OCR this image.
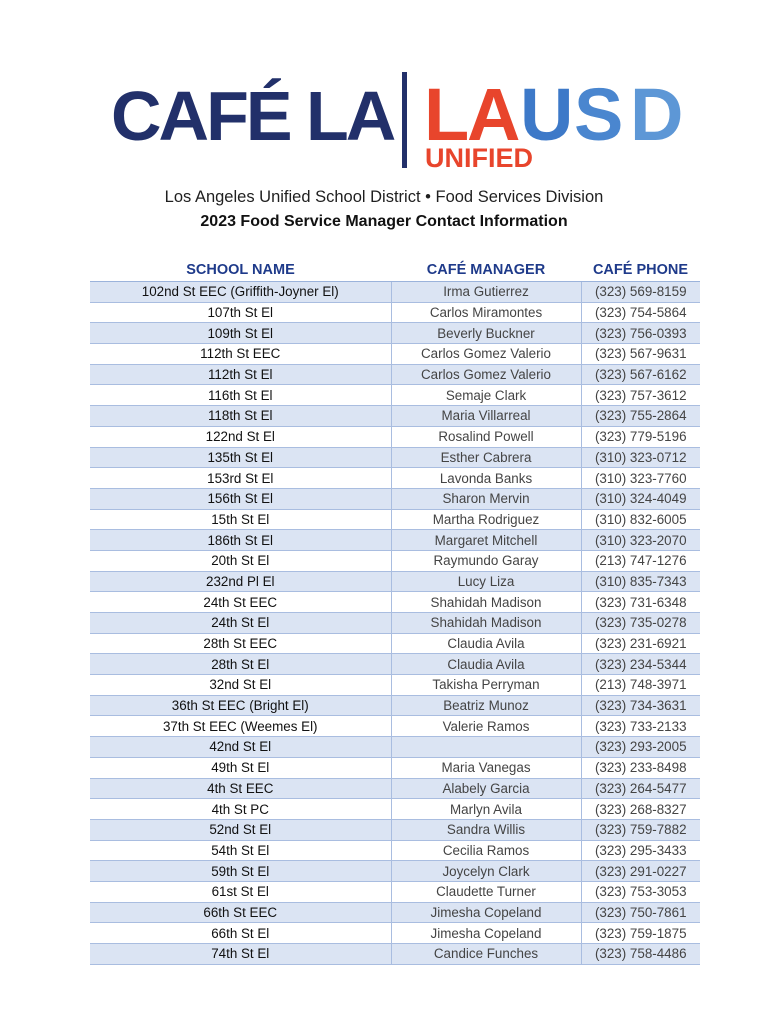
CAFÉ LA L
A U S D
UNIFIED
Los Angeles Unified School District • Food Services Division
2023 Food Service Manager Contact Information
SCHOOL NAME	CAFÉ MANAGER	CAFÉ PHONE
102nd St EEC (Griffith-Joyner El)	Irma Gutierrez	(323) 569-8159
107th St El	Carlos Miramontes	(323) 754-5864
109th St El	Beverly Buckner	(323) 756-0393
112th St EEC	Carlos Gomez Valerio	(323) 567-9631
112th St El	Carlos Gomez Valerio	(323) 567-6162
116th St El	Semaje Clark	(323) 757-3612
118th St El	Maria Villarreal	(323) 755-2864
122nd St El	Rosalind Powell	(323) 779-5196
135th St El	Esther Cabrera	(310) 323-0712
153rd St El	Lavonda Banks	(310) 323-7760
156th St El	Sharon Mervin	(310) 324-4049
15th St El	Martha Rodriguez	(310) 832-6005
186th St El	Margaret Mitchell	(310) 323-2070
20th St El	Raymundo Garay	(213) 747-1276
232nd Pl El	Lucy Liza	(310) 835-7343
24th St EEC	Shahidah Madison	(323) 731-6348
24th St El	Shahidah Madison	(323) 735-0278
28th St EEC	Claudia Avila	(323) 231-6921
28th St El	Claudia Avila	(323) 234-5344
32nd St El	Takisha Perryman	(213) 748-3971
36th St EEC (Bright El)	Beatriz Munoz	(323) 734-3631
37th St EEC (Weemes El)	Valerie Ramos	(323) 733-2133
42nd St El		(323) 293-2005
49th St El	Maria Vanegas	(323) 233-8498
4th St EEC	Alabely Garcia	(323) 264-5477
4th St PC	Marlyn Avila	(323) 268-8327
52nd St El	Sandra Willis	(323) 759-7882
54th St El	Cecilia Ramos	(323) 295-3433
59th St El	Joycelyn Clark	(323) 291-0227
61st St El	Claudette Turner	(323) 753-3053
66th St EEC	Jimesha Copeland	(323) 750-7861
66th St El	Jimesha Copeland	(323) 759-1875
74th St El	Candice Funches	(323) 758-4486
